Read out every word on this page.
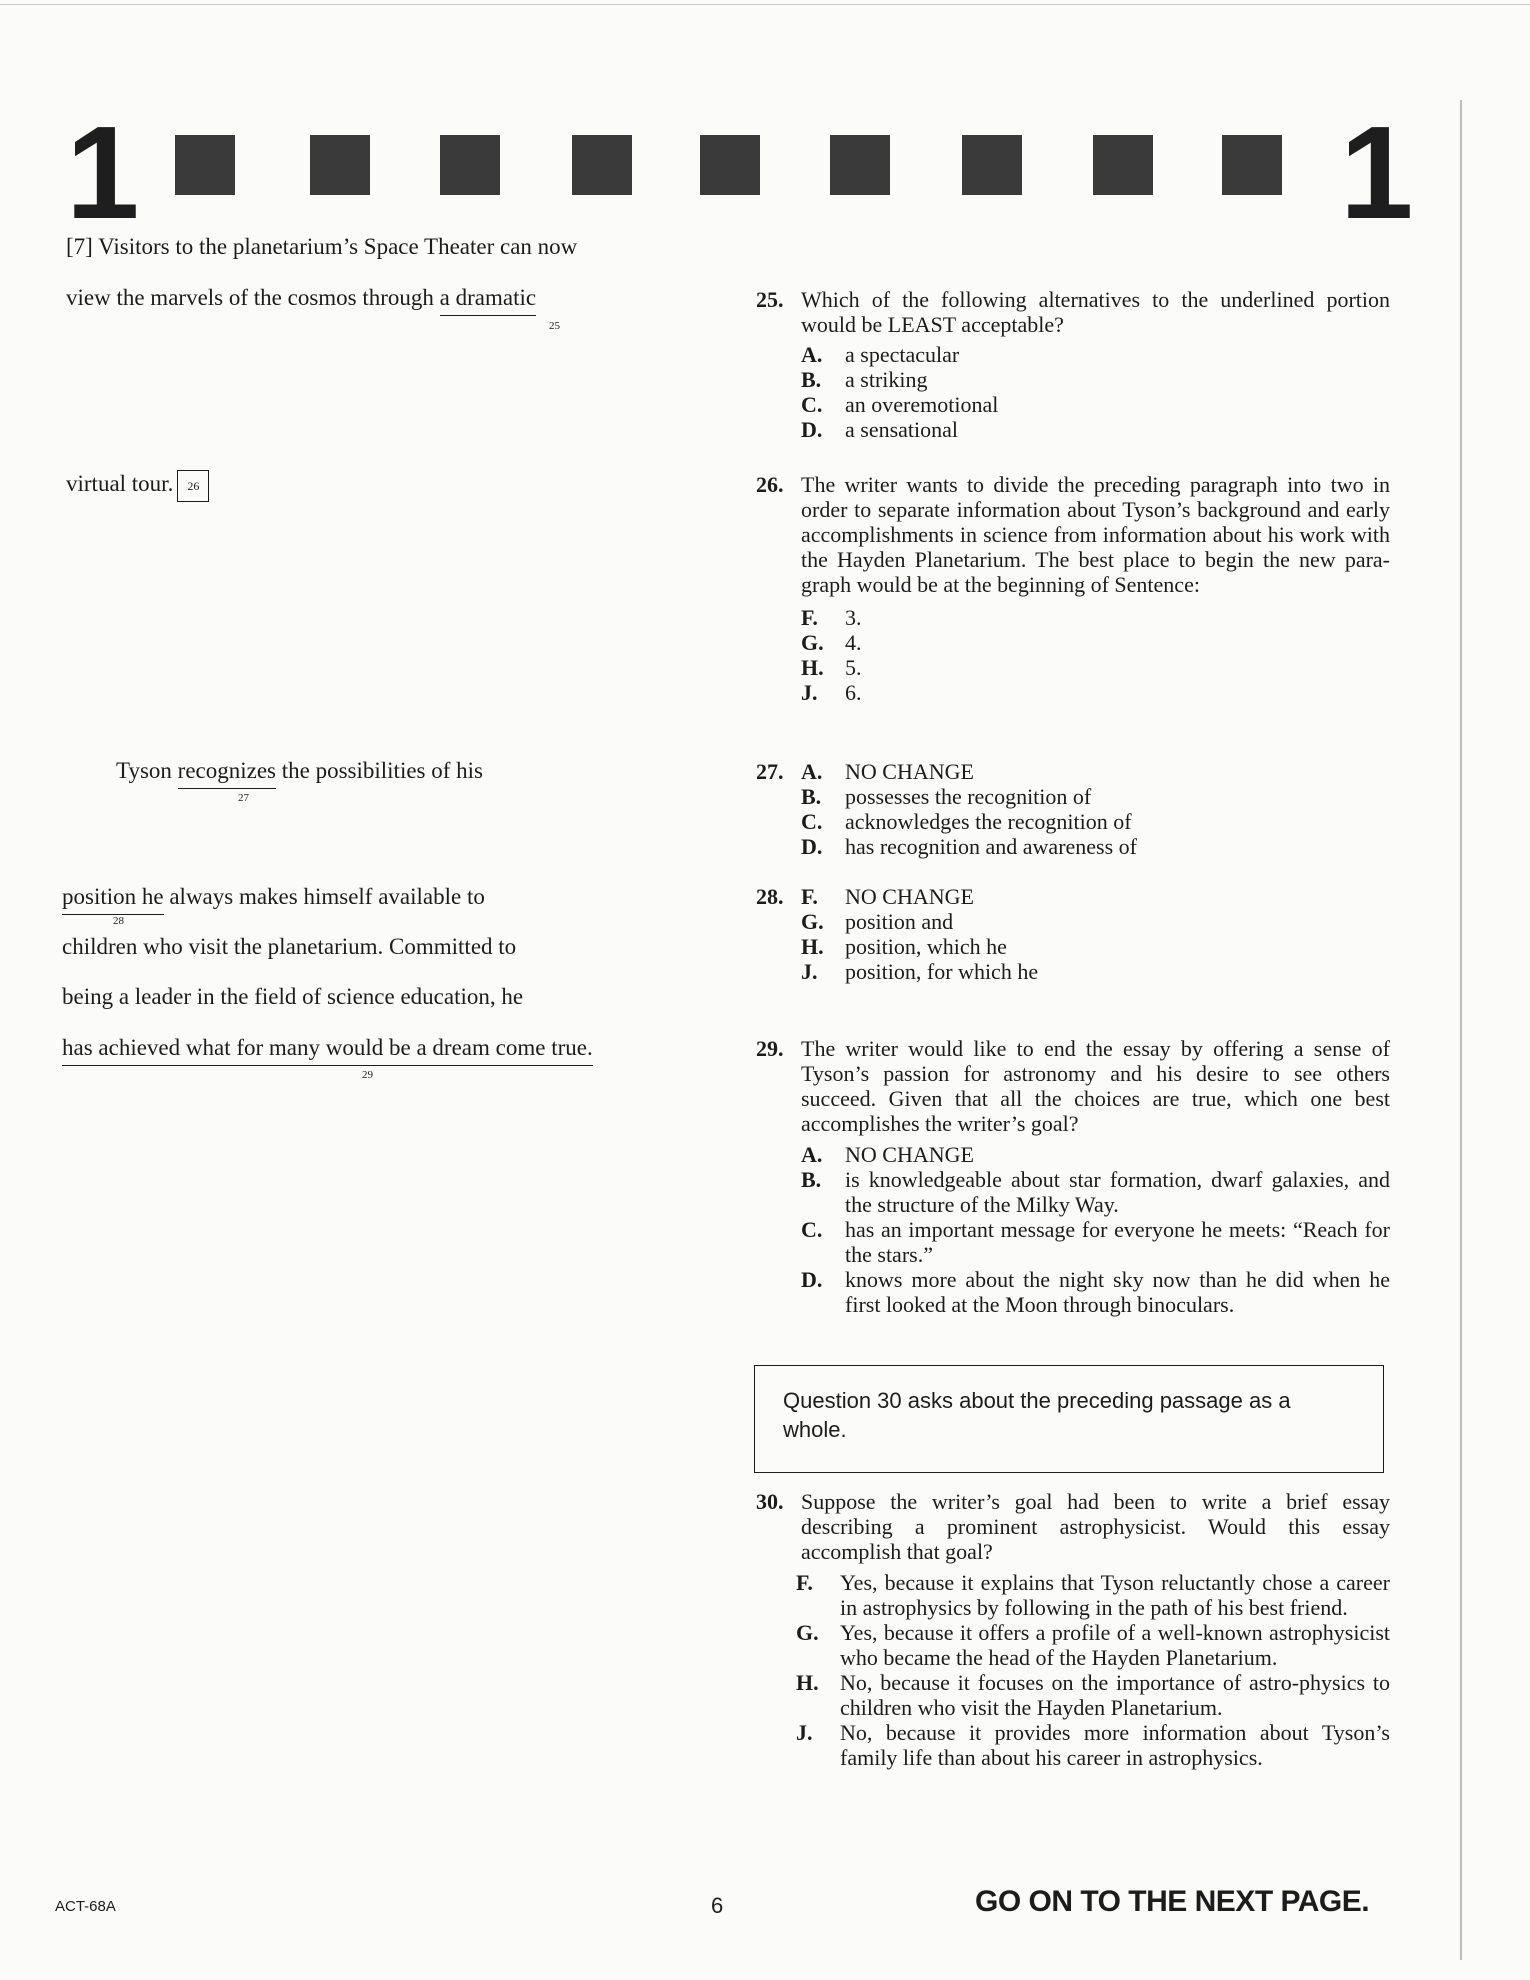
1	1
[7] Visitors to the planetarium’s Space Theater can now
view the marvels of the cosmos through a dramatic
25
virtual tour. 26
Tyson recognizes the possibilities of his
27
position he always makes himself available to
28
children who visit the planetarium. Committed to
being a leader in the field of science education, he
has achieved what for many would be a dream come true.
29
25. Which of the following alternatives to the underlined portion would be LEAST acceptable?
A.	a spectacular
B.	a striking
C.	an overemotional
D.	a sensational
26. The writer wants to divide the preceding paragraph into two in order to separate information about Tyson’s background and early accomplishments in science from information about his work with the Hayden Planetarium. The best place to begin the new para-graph would be at the beginning of Sentence:
F.	3.
G. 4.
H. 5.
J.	6.
27. A.	NO CHANGE
B.	possesses the recognition of
C.	acknowledges the recognition of
D.	has recognition and awareness of
28. F.	NO CHANGE
G. position and
H. position, which he
J.	position, for which he
29. The writer would like to end the essay by offering a sense of Tyson’s passion for astronomy and his desire to see others succeed. Given that all the choices are true, which one best accomplishes the writer’s goal?
A.	NO CHANGE
B.	is knowledgeable about star formation, dwarf galaxies, and the structure of the Milky Way.
C.	has an important message for everyone he meets: “Reach for the stars.”
D.	knows more about the night sky now than he did when he first looked at the Moon through binoculars.
Question 30 asks about the preceding passage as a whole.
30. Suppose the writer’s goal had been to write a brief essay describing a prominent astrophysicist. Would this essay accomplish that goal?
F.	Yes, because it explains that Tyson reluctantly chose a career in astrophysics by following in the path of his best friend.
G. Yes, because it offers a profile of a well-known astrophysicist who became the head of the Hayden Planetarium.
H. No, because it focuses on the importance of astro-physics to children who visit the Hayden Planetarium.
J.	No, because it provides more information about Tyson’s family life than about his career in astrophysics.
ACT-68A	6	GO ON TO THE NEXT PAGE.
